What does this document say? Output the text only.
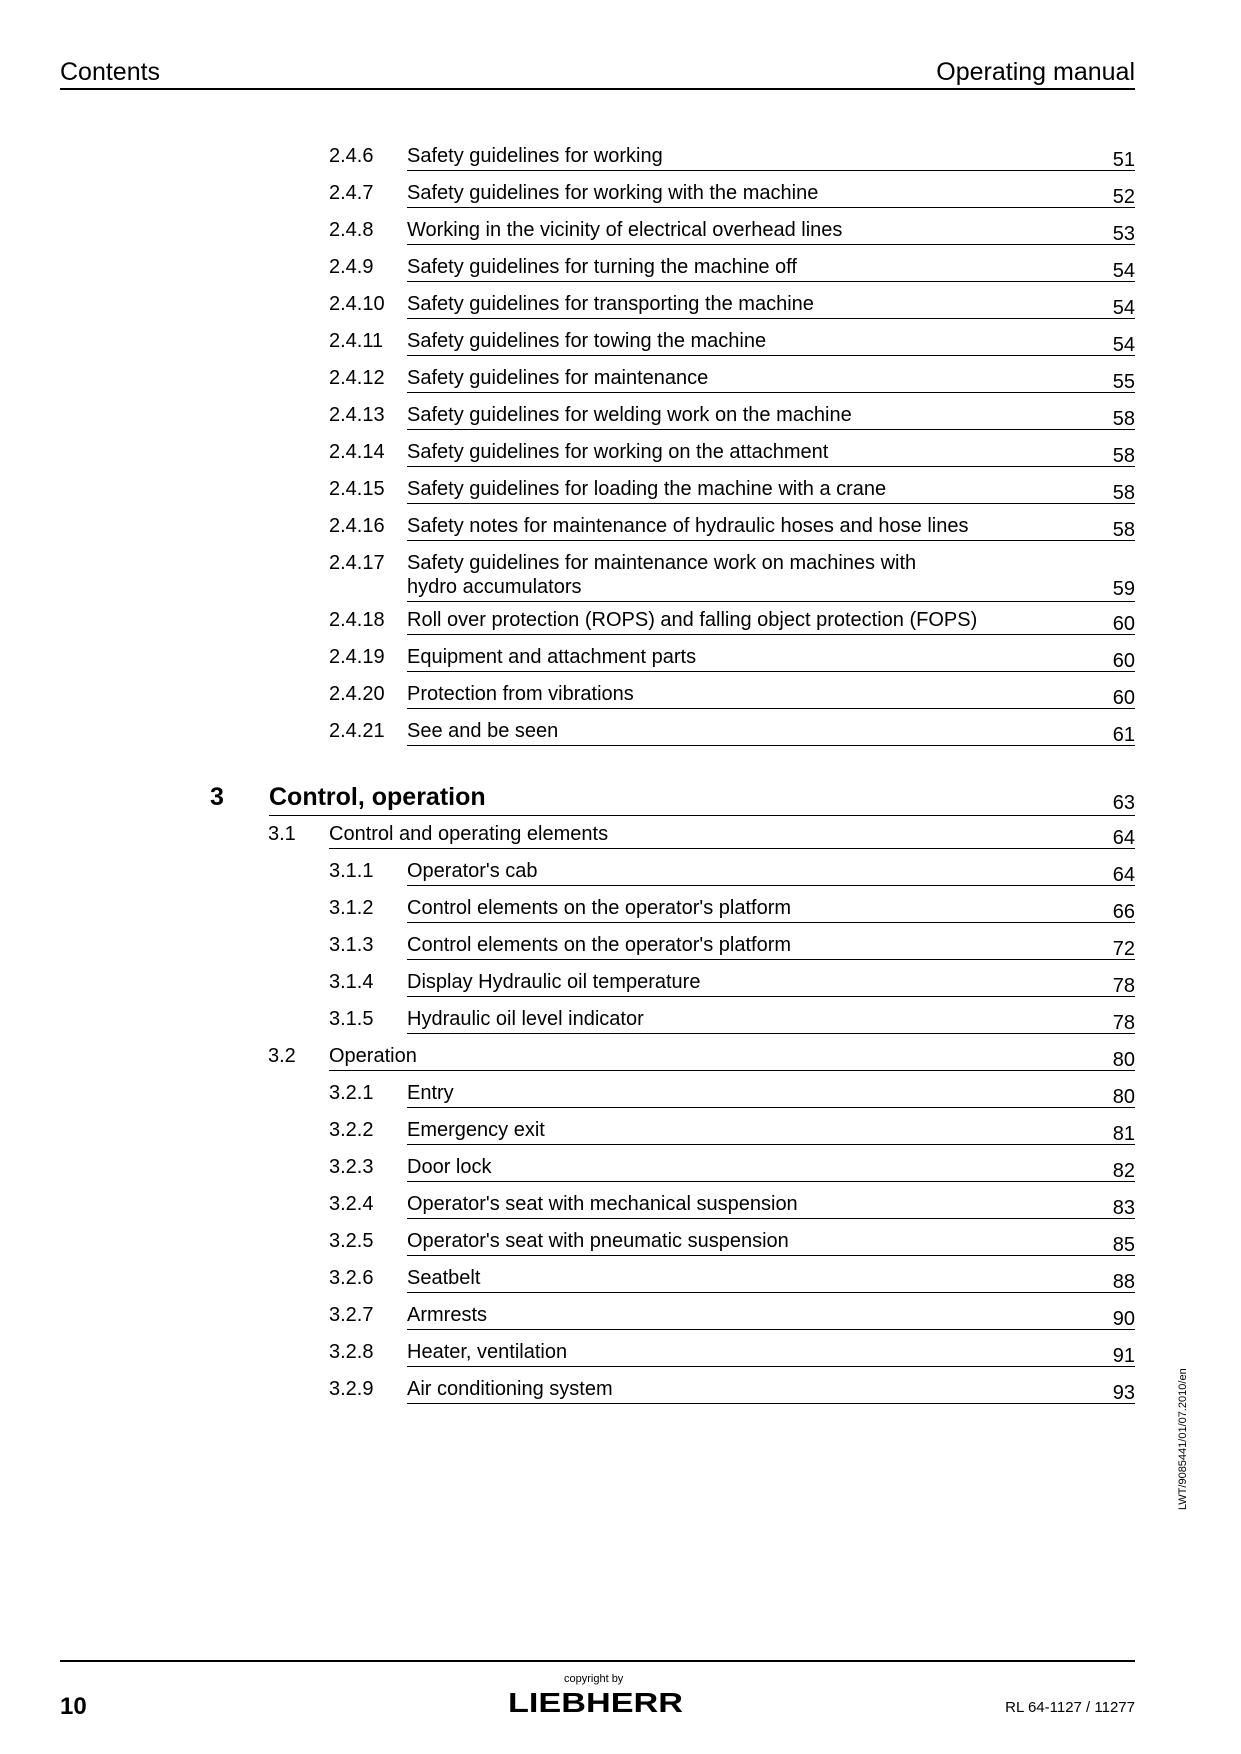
Contents	Operating manual
2.4.6 Safety guidelines for working	51
2.4.7 Safety guidelines for working with the machine	52
2.4.8 Working in the vicinity of electrical overhead lines	53
2.4.9 Safety guidelines for turning the machine off	54
2.4.10 Safety guidelines for transporting the machine	54
2.4.11 Safety guidelines for towing the machine	54
2.4.12 Safety guidelines for maintenance	55
2.4.13 Safety guidelines for welding work on the machine	58
2.4.14 Safety guidelines for working on the attachment	58
2.4.15 Safety guidelines for loading the machine with a crane	58
2.4.16 Safety notes for maintenance of hydraulic hoses and hose lines	58
2.4.17 Safety guidelines for maintenance work on machines with hydro accumulators	59
2.4.18 Roll over protection (ROPS) and falling object protection (FOPS)	60
2.4.19 Equipment and attachment parts	60
2.4.20 Protection from vibrations	60
2.4.21 See and be seen	61
3 Control, operation	63
3.1 Control and operating elements	64
3.1.1 Operator's cab	64
3.1.2 Control elements on the operator's platform	66
3.1.3 Control elements on the operator's platform	72
3.1.4 Display Hydraulic oil temperature	78
3.1.5 Hydraulic oil level indicator	78
3.2 Operation	80
3.2.1 Entry	80
3.2.2 Emergency exit	81
3.2.3 Door lock	82
3.2.4 Operator's seat with mechanical suspension	83
3.2.5 Operator's seat with pneumatic suspension	85
3.2.6 Seatbelt	88
3.2.7 Armrests	90
3.2.8 Heater, ventilation	91
3.2.9 Air conditioning system	93	LWT/9085441/01/07.2010/en
10
copyright by
LIEBHERR	RL 64-1127 / 11277
